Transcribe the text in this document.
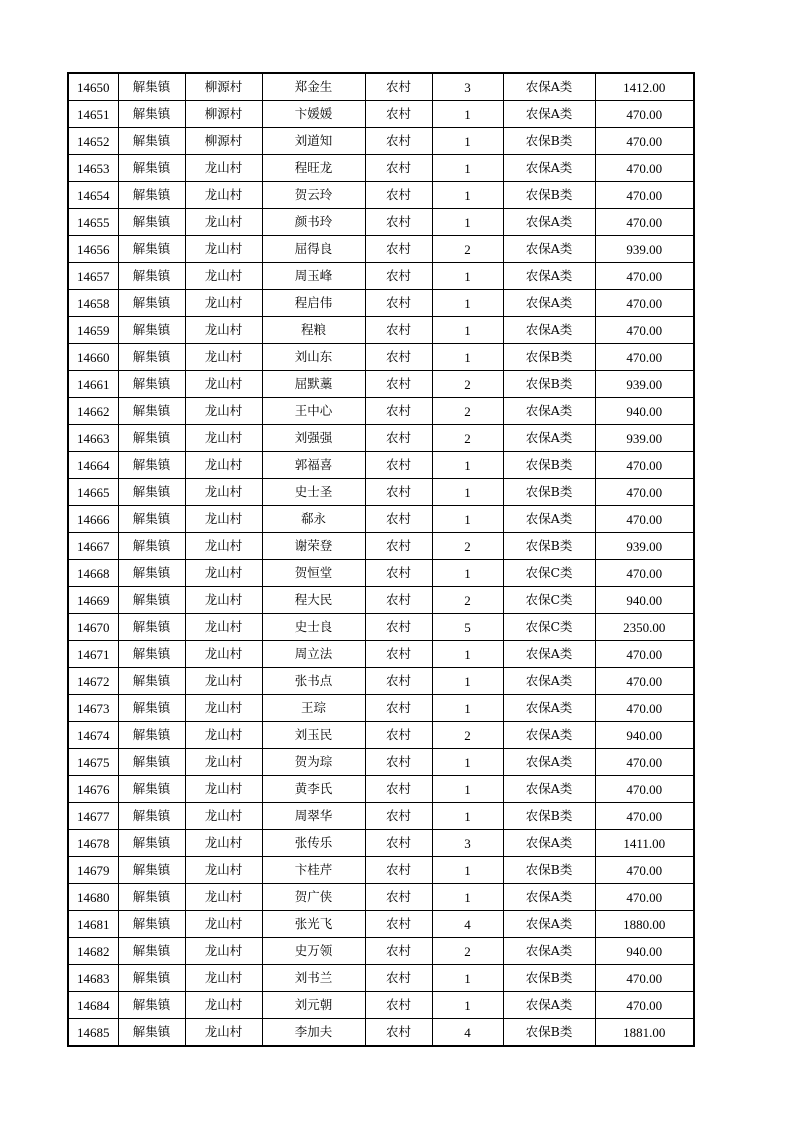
14650	解集镇	柳源村	郑金生	农村	3	农保A类	1412.00
14651	解集镇	柳源村	卞媛媛	农村	1	农保A类	470.00
14652	解集镇	柳源村	刘道知	农村	1	农保B类	470.00
14653	解集镇	龙山村	程旺龙	农村	1	农保A类	470.00
14654	解集镇	龙山村	贺云玲	农村	1	农保B类	470.00
14655	解集镇	龙山村	颜书玲	农村	1	农保A类	470.00
14656	解集镇	龙山村	屈得良	农村	2	农保A类	939.00
14657	解集镇	龙山村	周玉峰	农村	1	农保A类	470.00
14658	解集镇	龙山村	程启伟	农村	1	农保A类	470.00
14659	解集镇	龙山村	程粮	农村	1	农保A类	470.00
14660	解集镇	龙山村	刘山东	农村	1	农保B类	470.00
14661	解集镇	龙山村	屈默藁	农村	2	农保B类	939.00
14662	解集镇	龙山村	王中心	农村	2	农保A类	940.00
14663	解集镇	龙山村	刘强强	农村	2	农保A类	939.00
14664	解集镇	龙山村	郭福喜	农村	1	农保B类	470.00
14665	解集镇	龙山村	史士圣	农村	1	农保B类	470.00
14666	解集镇	龙山村	郗永	农村	1	农保A类	470.00
14667	解集镇	龙山村	谢荣登	农村	2	农保B类	939.00
14668	解集镇	龙山村	贺恒堂	农村	1	农保C类	470.00
14669	解集镇	龙山村	程大民	农村	2	农保C类	940.00
14670	解集镇	龙山村	史士良	农村	5	农保C类	2350.00
14671	解集镇	龙山村	周立法	农村	1	农保A类	470.00
14672	解集镇	龙山村	张书点	农村	1	农保A类	470.00
14673	解集镇	龙山村	王琮	农村	1	农保A类	470.00
14674	解集镇	龙山村	刘玉民	农村	2	农保A类	940.00
14675	解集镇	龙山村	贺为琮	农村	1	农保A类	470.00
14676	解集镇	龙山村	黄李氏	农村	1	农保A类	470.00
14677	解集镇	龙山村	周翠华	农村	1	农保B类	470.00
14678	解集镇	龙山村	张传乐	农村	3	农保A类	1411.00
14679	解集镇	龙山村	卞桂芹	农村	1	农保B类	470.00
14680	解集镇	龙山村	贺广侠	农村	1	农保A类	470.00
14681	解集镇	龙山村	张光飞	农村	4	农保A类	1880.00
14682	解集镇	龙山村	史万领	农村	2	农保A类	940.00
14683	解集镇	龙山村	刘书兰	农村	1	农保B类	470.00
14684	解集镇	龙山村	刘元朝	农村	1	农保A类	470.00
14685	解集镇	龙山村	李加夫	农村	4	农保B类	1881.00
